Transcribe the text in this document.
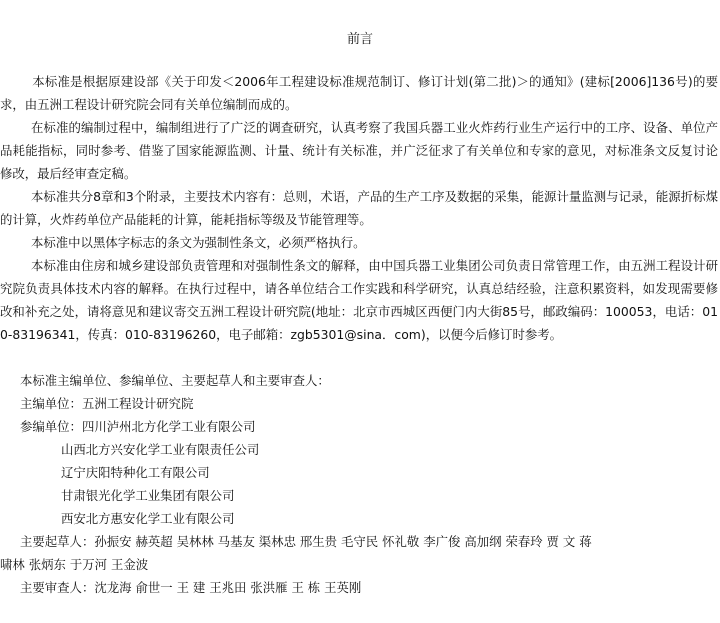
前言

本标准是根据原建设部《关于印发＜2006年工程建设标准规范制订、修订计划(第二批)＞的通知》(建标[2006]136号)的要求，由五洲工程设计研究院会同有关单位编制而成的。

在标准的编制过程中，编制组进行了广泛的调查研究，认真考察了我国兵器工业火炸药行业生产运行中的工序、设备、单位产品耗能指标，同时参考、借鉴了国家能源监测、计量、统计有关标准，并广泛征求了有关单位和专家的意见，对标准条文反复讨论修改，最后经审查定稿。

本标准共分8章和3个附录，主要技术内容有：总则，术语，产品的生产工序及数据的采集，能源计量监测与记录，能源折标煤的计算，火炸药单位产品能耗的计算，能耗指标等级及节能管理等。

本标准中以黑体字标志的条文为强制性条文，必须严格执行。

本标准由住房和城乡建设部负责管理和对强制性条文的解释，由中国兵器工业集团公司负责日常管理工作，由五洲工程设计研究院负责具体技术内容的解释。在执行过程中，请各单位结合工作实践和科学研究，认真总结经验，注意积累资料，如发现需要修改和补充之处，请将意见和建议寄交五洲工程设计研究院(地址：北京市西城区西便门内大街85号，邮政编码：100053，电话：010-83196341，传真：010-83196260，电子邮箱：zgb5301@sina．com)，以便今后修订时参考。

本标准主编单位、参编单位、主要起草人和主要审查人：
主编单位：五洲工程设计研究院
参编单位：四川泸州北方化学工业有限公司
山西北方兴安化学工业有限责任公司
辽宁庆阳特种化工有限公司
甘肃银光化学工业集团有限公司
西安北方惠安化学工业有限公司
主要起草人：孙振安 赫英超 吴林林 马基友 渠林忠 邢生贵 毛守民 怀礼敬 李广俊 高加纲 荣春玲 贾 文 蒋
啸林 张炳东 于万河 王金波
主要审查人：沈龙海 俞世一 王 建 王兆田 张洪雁 王 栋 王英刚
